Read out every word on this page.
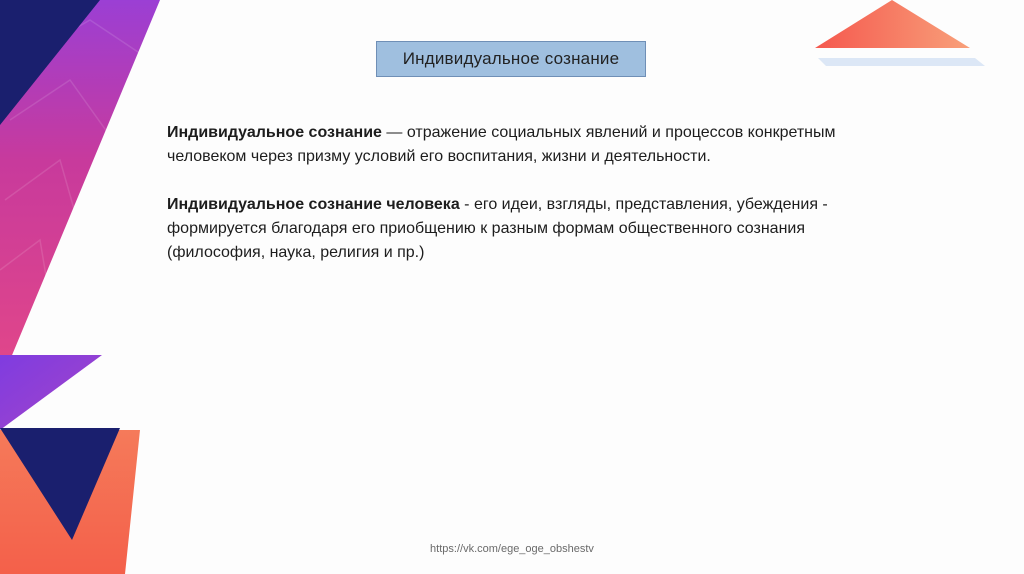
Индивидуальное сознание

Индивидуальное сознание — отражение социальных явлений и процессов конкретным человеком через призму условий его воспитания, жизни и деятельности.

Индивидуальное сознание человека - его идеи, взгляды, представления, убеждения - формируется благодаря его приобщению к разным формам общественного сознания (философия, наука, религия и пр.)

https://vk.com/ege_oge_obshestv
